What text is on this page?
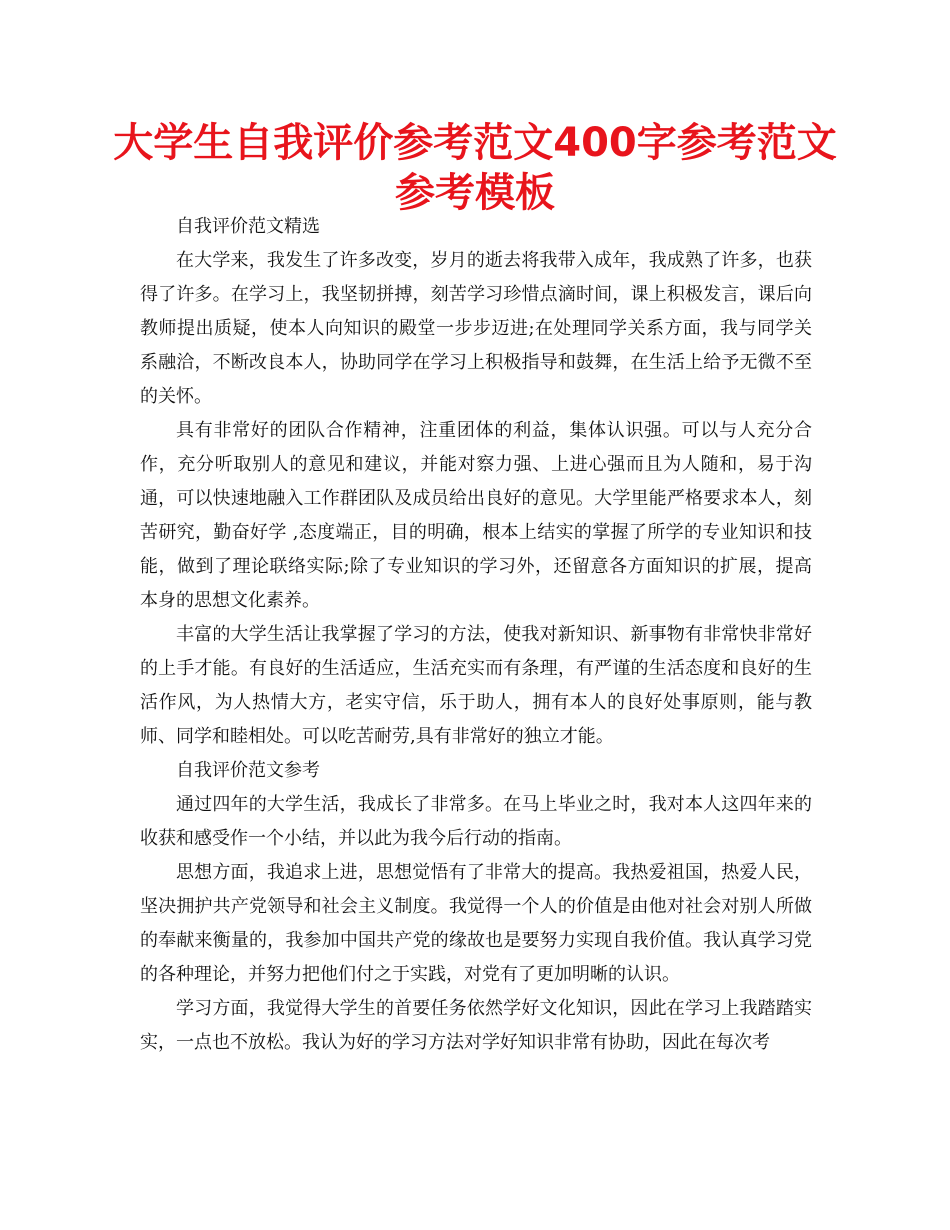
大学生自我评价参考范文400字参考范文参考模板

自我评价范文精选

在大学来，我发生了许多改变，岁月的逝去将我带入成年，我成熟了许多，也获得了许多。在学习上，我坚韧拼搏，刻苦学习珍惜点滴时间，课上积极发言，课后向教师提出质疑，使本人向知识的殿堂一步步迈进;在处理同学关系方面，我与同学关系融洽，不断改良本人，协助同学在学习上积极指导和鼓舞，在生活上给予无微不至的关怀。

具有非常好的团队合作精神，注重团体的利益，集体认识强。可以与人充分合作，充分听取别人的意见和建议，并能对察力强、上进心强而且为人随和，易于沟通，可以快速地融入工作群团队及成员给出良好的意见。大学里能严格要求本人，刻苦研究，勤奋好学 ,态度端正，目的明确，根本上结实的掌握了所学的专业知识和技能，做到了理论联络实际;除了专业知识的学习外，还留意各方面知识的扩展，提高本身的思想文化素养。

丰富的大学生活让我掌握了学习的方法，使我对新知识、新事物有非常快非常好的上手才能。有良好的生活适应，生活充实而有条理，有严谨的生活态度和良好的生活作风，为人热情大方，老实守信，乐于助人，拥有本人的良好处事原则，能与教师、同学和睦相处。可以吃苦耐劳,具有非常好的独立才能。

自我评价范文参考

通过四年的大学生活，我成长了非常多。在马上毕业之时，我对本人这四年来的收获和感受作一个小结，并以此为我今后行动的指南。

思想方面，我追求上进，思想觉悟有了非常大的提高。我热爱祖国，热爱人民，坚决拥护共产党领导和社会主义制度。我觉得一个人的价值是由他对社会对别人所做的奉献来衡量的，我参加中国共产党的缘故也是要努力实现自我价值。我认真学习党的各种理论，并努力把他们付之于实践，对党有了更加明晰的认识。

学习方面，我觉得大学生的首要任务依然学好文化知识，因此在学习上我踏踏实实，一点也不放松。我认为好的学习方法对学好知识非常有协助，因此在每次考
